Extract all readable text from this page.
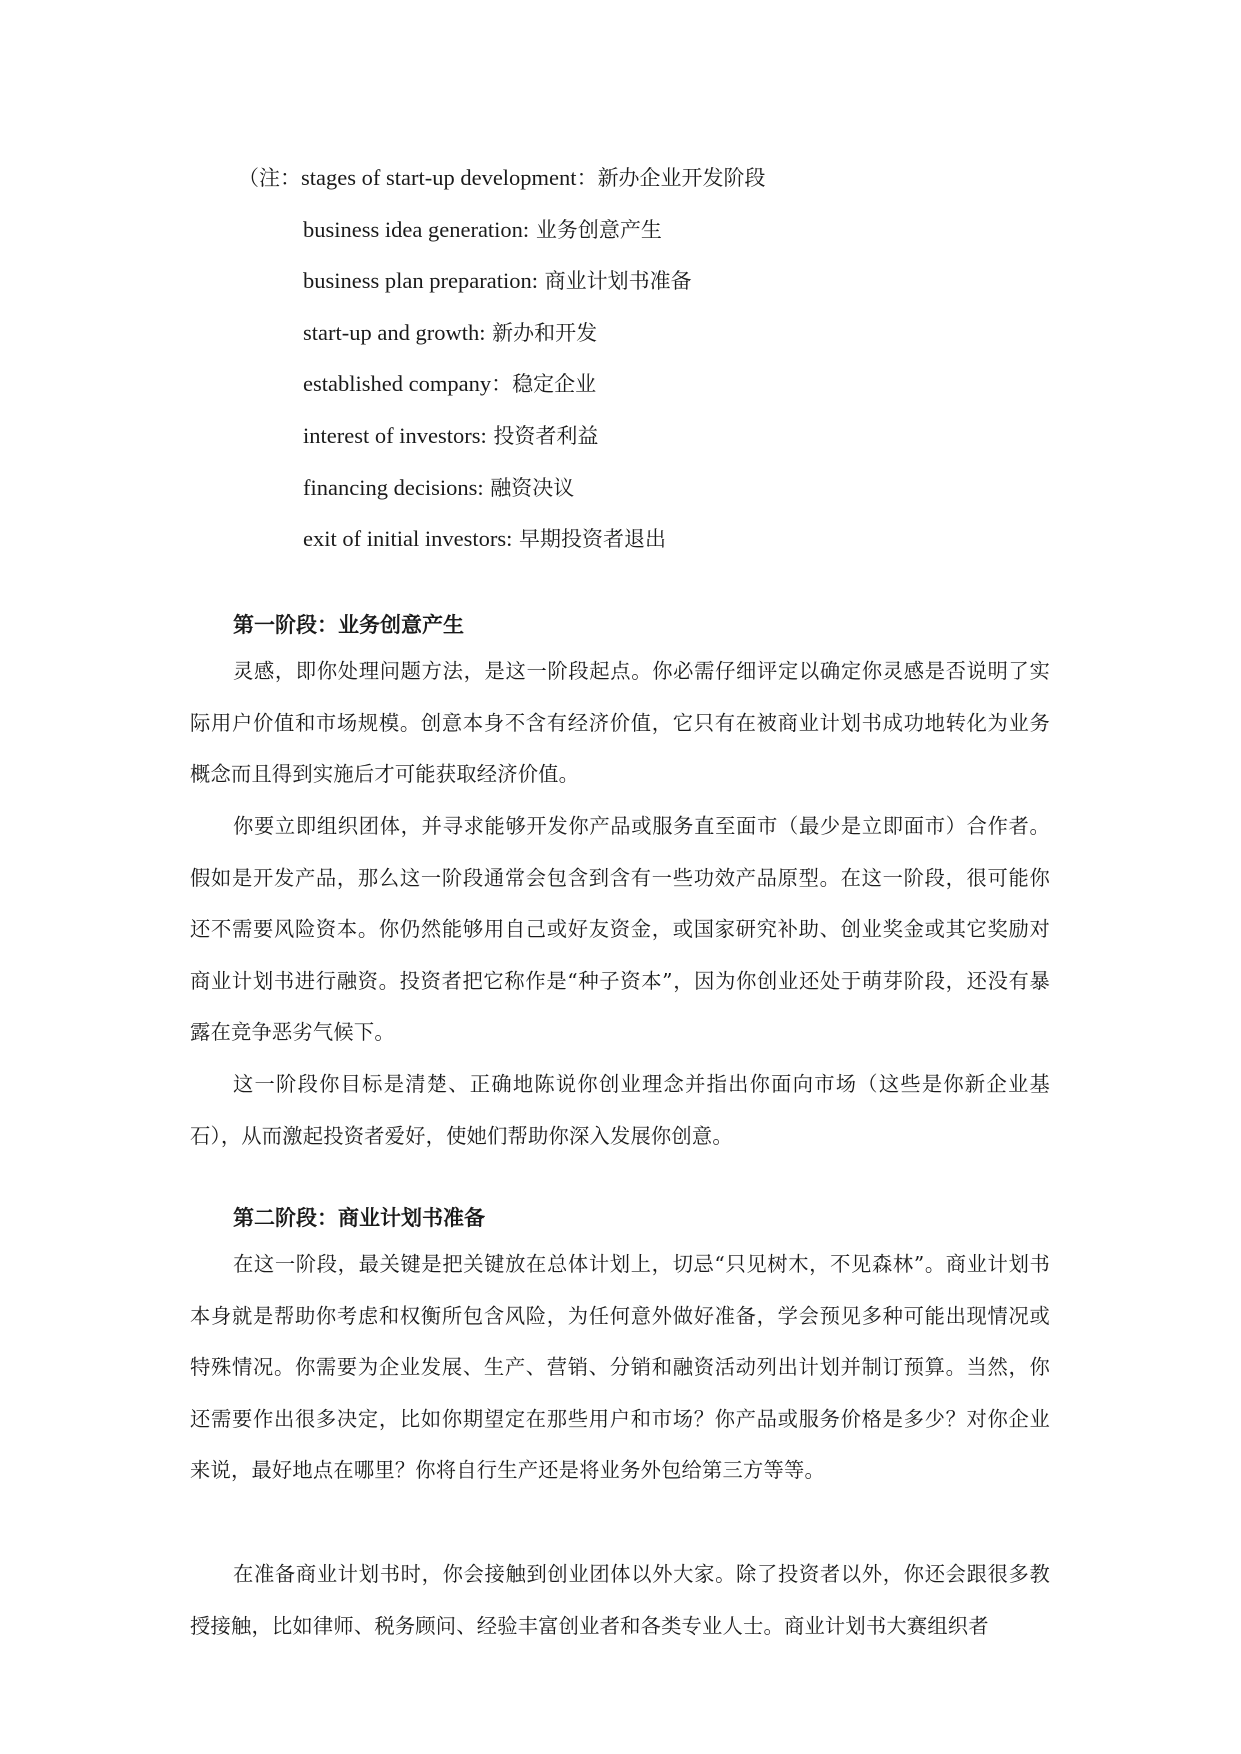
（注：stages of start-up development：新办企业开发阶段
business idea generation: 业务创意产生
business plan preparation: 商业计划书准备
start-up and growth: 新办和开发
established company：稳定企业
interest of investors: 投资者利益
financing decisions: 融资决议
exit of initial investors: 早期投资者退出
第一阶段：业务创意产生

灵感，即你处理问题方法，是这一阶段起点。你必需仔细评定以确定你灵感是否说明了实际用户价值和市场规模。创意本身不含有经济价值，它只有在被商业计划书成功地转化为业务概念而且得到实施后才可能获取经济价值。

你要立即组织团体，并寻求能够开发你产品或服务直至面市（最少是立即面市）合作者。假如是开发产品，那么这一阶段通常会包含到含有一些功效产品原型。在这一阶段，很可能你还不需要风险资本。你仍然能够用自己或好友资金，或国家研究补助、创业奖金或其它奖励对商业计划书进行融资。投资者把它称作是“种子资本”，因为你创业还处于萌芽阶段，还没有暴露在竞争恶劣气候下。

这一阶段你目标是清楚、正确地陈说你创业理念并指出你面向市场（这些是你新企业基石），从而激起投资者爱好，使她们帮助你深入发展你创意。

第二阶段：商业计划书准备

在这一阶段，最关键是把关键放在总体计划上，切忌“只见树木，不见森林”。商业计划书本身就是帮助你考虑和权衡所包含风险，为任何意外做好准备，学会预见多种可能出现情况或特殊情况。你需要为企业发展、生产、营销、分销和融资活动列出计划并制订预算。当然，你还需要作出很多决定，比如你期望定在那些用户和市场？你产品或服务价格是多少？对你企业来说，最好地点在哪里？你将自行生产还是将业务外包给第三方等等。

在准备商业计划书时，你会接触到创业团体以外大家。除了投资者以外，你还会跟很多教授接触，比如律师、税务顾问、经验丰富创业者和各类专业人士。商业计划书大赛组织者
